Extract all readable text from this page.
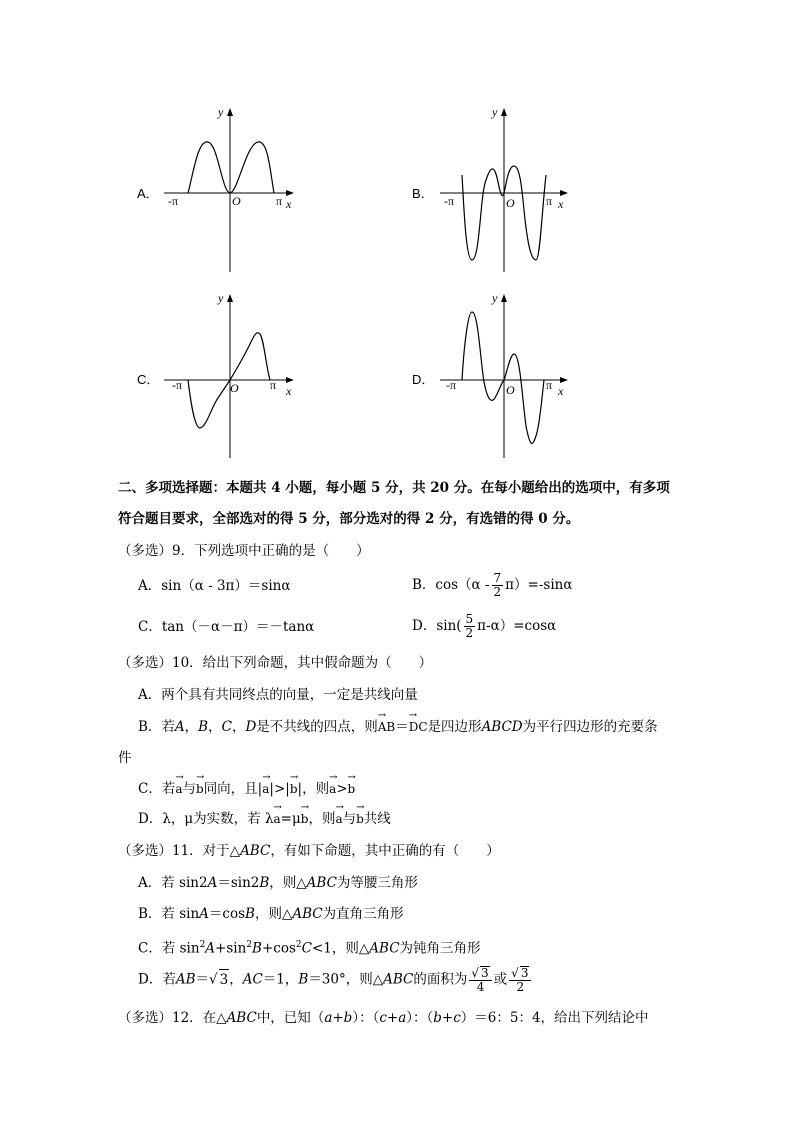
A．
y
O
-π	π x
B．
y
O
-π	π x
C．
y
O
-π	π x
D．
y
O
-π	π x
二、多项选择题：本题共 4 小题，每小题 5 分，共 20 分。在每小题给出的选项中，有多项
符合题目要求，全部选对的得 5 分，部分选对的得 2 分，有选错的得 0 分。
（多选）9．下列选项中正确的是（　　）
A．sin（α - 3π）＝sinα	B．$\cos(\alpha - \frac{7}{2} \pi)=-\sin\alpha$
C．tan（－α－π）＝－tanα	D．$\sin( \frac{5}{2} \pi-\alpha)=\cos\alpha$
（多选）10．给出下列命题，其中假命题为（　　）
A．两个具有共同终点的向量，一定是共线向量
B．若A，B，C，D是不共线的四点，则→ AB＝→ DC是四边形ABCD为平行四边形的充要条
件
C．若→ a与→ b同向，且|→ a|>|→ b|，则→ a>→ b
D．λ，μ为实数，若 λ→ a=μ→ b，则→ a与→ b共线
（多选）11．对于△ABC，有如下命题，其中正确的有（　　）
A．若 sin2A＝sin2B，则△ABC为等腰三角形
B．若 sinA＝cosB，则△ABC为直角三角形
C．若 $\sin^2A+\sin^2B+\cos^2C<1$，则△ABC为钝角三角形
D．若AB＝√ 3，AC＝1，B＝30°，则△ABC的面积为 $\frac{√ 3}{4}$ 或 $\frac{√ 3}{2}$
（多选）12．在△ABC中，已知（a+b）：（c+a）：（b+c）＝6：5：4，给出下列结论中
